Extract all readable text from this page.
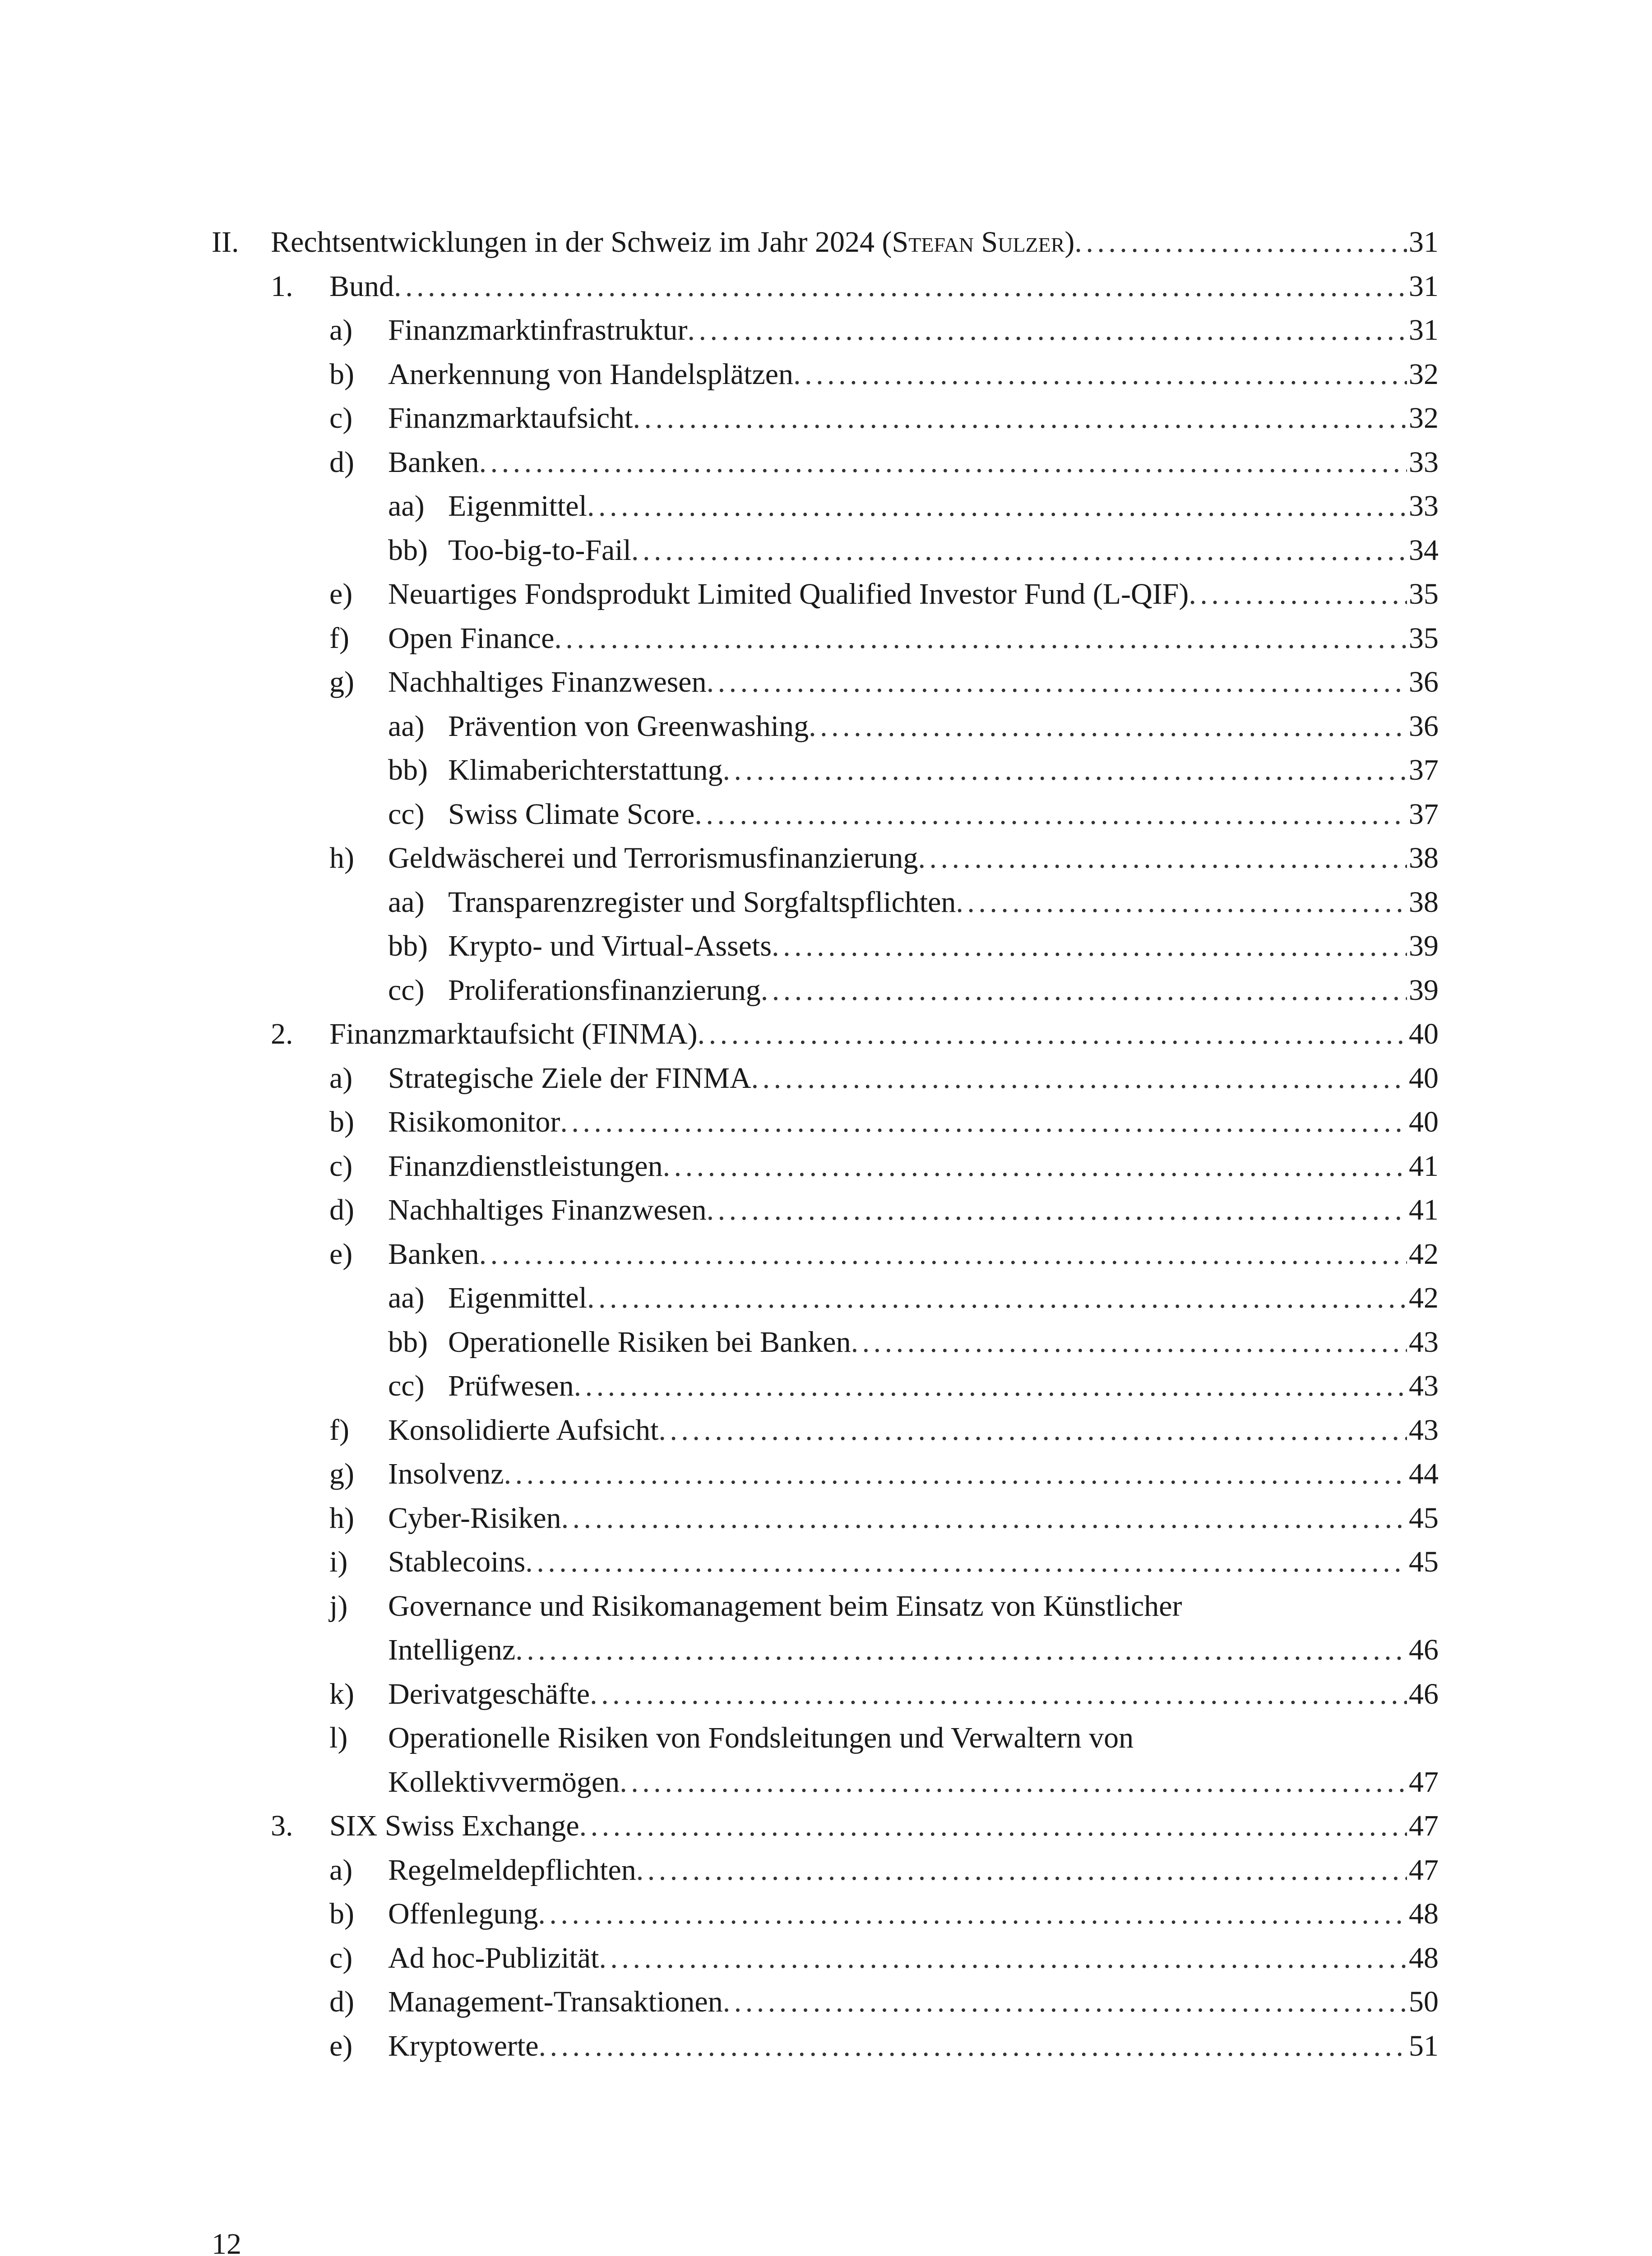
II. Rechtsentwicklungen in der Schweiz im Jahr 2024 (Stefan Sulzer) . . .	31
1. Bund . . .	31
a) Finanzmarktinfrastruktur . . .	31
b) Anerkennung von Handelsplätzen . . .	32
c) Finanzmarktaufsicht . . .	32
d) Banken . . .	33
aa) Eigenmittel . . .	33
bb) Too-big-to-Fail . . .	34
e) Neuartiges Fondsprodukt Limited Qualified Investor Fund (L-QIF) . . .	35
f) Open Finance . . .	35
g) Nachhaltiges Finanzwesen . . .	36
aa) Prävention von Greenwashing . . .	36
bb) Klimaberichterstattung . . .	37
cc) Swiss Climate Score . . .	37
h) Geldwäscherei und Terrorismusfinanzierung . . .	38
aa) Transparenzregister und Sorgfaltspflichten . . .	38
bb) Krypto- und Virtual-Assets . . .	39
cc) Proliferationsfinanzierung . . .	39
2. Finanzmarktaufsicht (FINMA) . . .	40
a) Strategische Ziele der FINMA . . .	40
b) Risikomonitor . . .	40
c) Finanzdienstleistungen . . .	41
d) Nachhaltiges Finanzwesen . . .	41
e) Banken . . .	42
aa) Eigenmittel . . .	42
bb) Operationelle Risiken bei Banken . . .	43
cc) Prüfwesen . . .	43
f) Konsolidierte Aufsicht . . .	43
g) Insolvenz . . .	44
h) Cyber-Risiken . . .	45
i) Stablecoins . . .	45
j) Governance und Risikomanagement beim Einsatz von Künstlicher
Intelligenz . . .	46
k) Derivatgeschäfte . . .	46
l) Operationelle Risiken von Fondsleitungen und Verwaltern von
Kollektivvermögen . . .	47
3. SIX Swiss Exchange . . .	47
a) Regelmeldepflichten . . .	47
b) Offenlegung . . .	48
c) Ad hoc-Publizität . . .	48
d) Management-Transaktionen . . .	50
e) Kryptowerte . . .	51
12
